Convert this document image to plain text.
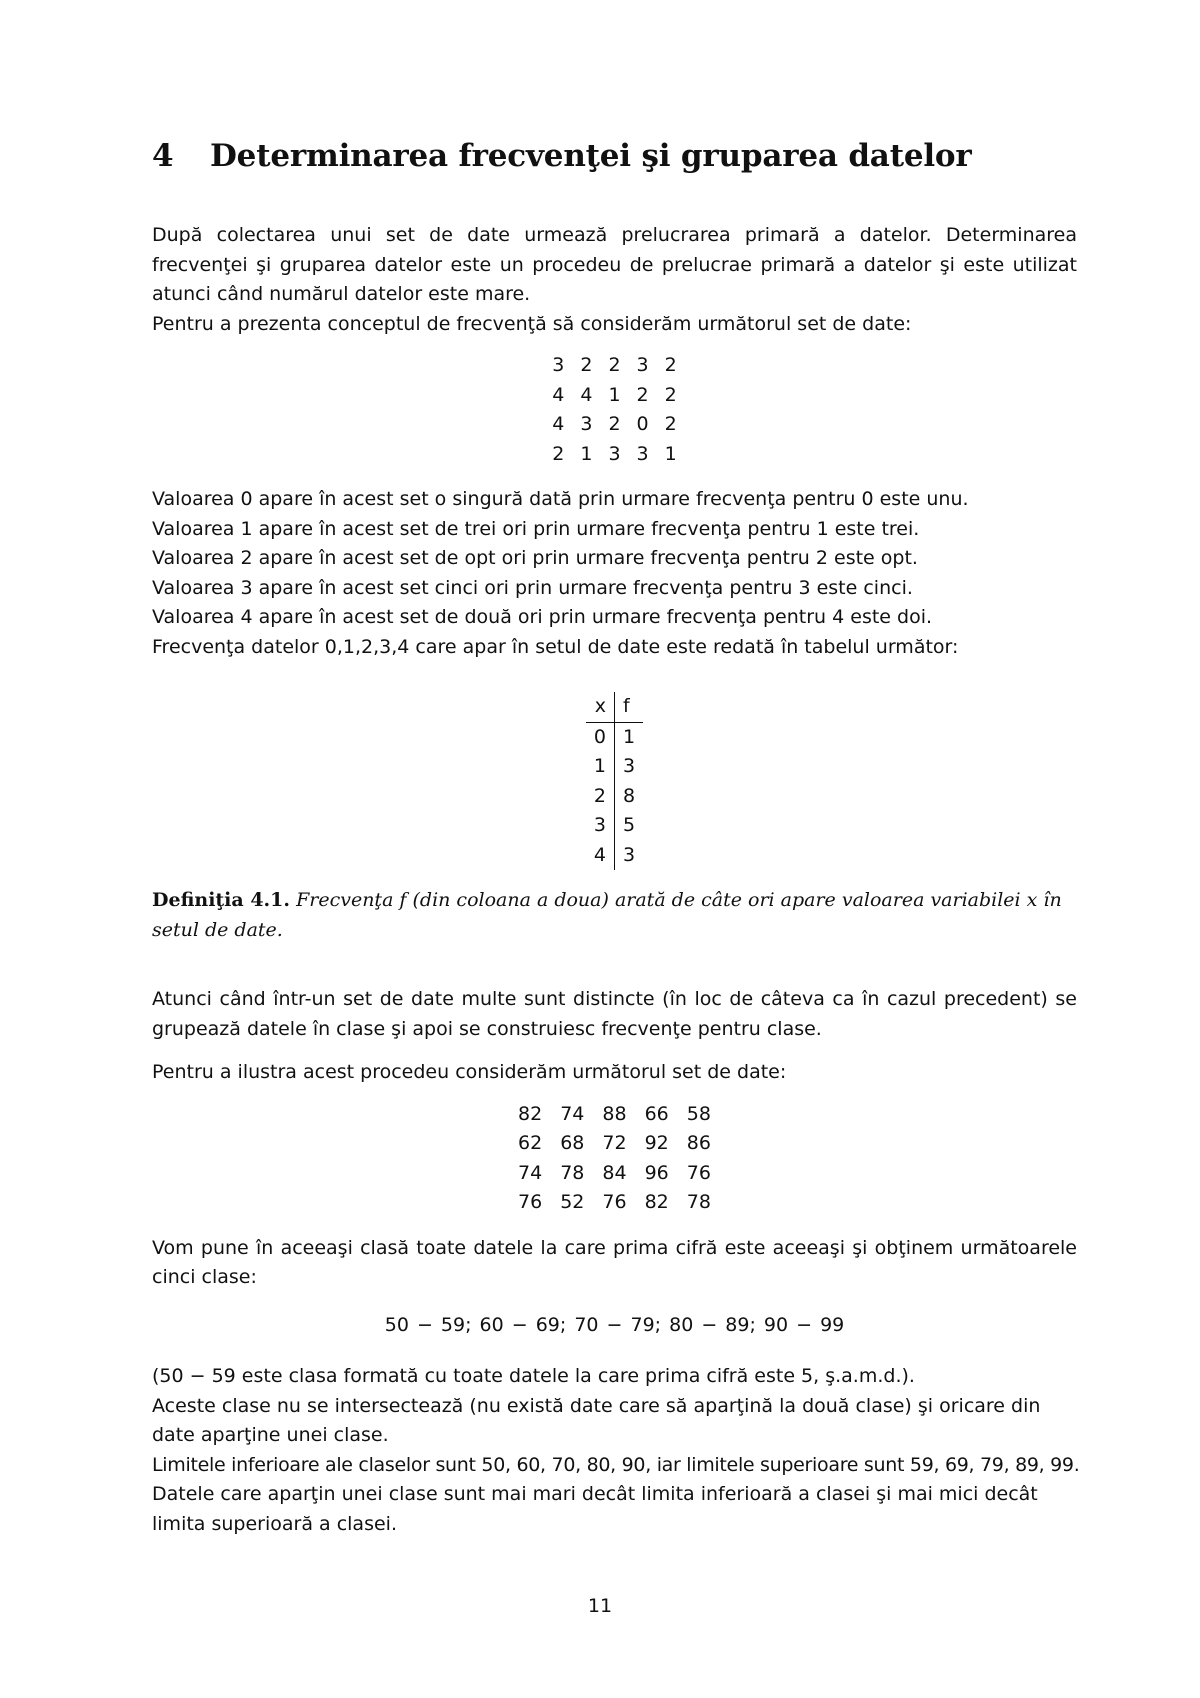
4 Determinarea frecvenţei şi gruparea datelor

După colectarea unui set de date urmează prelucrarea primară a datelor. Determinarea frecvenţei şi gruparea datelor este un procedeu de prelucrae primară a datelor şi este utilizat atunci când numărul datelor este mare.

Pentru a prezenta conceptul de frecvenţă să considerăm următorul set de date:

3	2	2	3	2
4	4	1	2	2
4	3	2	0	2
2	1	3	3	1

Valoarea 0 apare în acest set o singură dată prin urmare frecvenţa pentru 0 este unu.

Valoarea 1 apare în acest set de trei ori prin urmare frecvenţa pentru 1 este trei.

Valoarea 2 apare în acest set de opt ori prin urmare frecvenţa pentru 2 este opt.

Valoarea 3 apare în acest set cinci ori prin urmare frecvenţa pentru 3 este cinci.

Valoarea 4 apare în acest set de două ori prin urmare frecvenţa pentru 4 este doi.

Frecvenţa datelor 0,1,2,3,4 care apar în setul de date este redată în tabelul următor:

x	f
0	1
1	3
2	8
3	5
4	3

Definiţia 4.1. Frecvenţa f (din coloana a doua) arată de câte ori apare valoarea variabilei x în setul de date.

Atunci când într-un set de date multe sunt distincte (în loc de câteva ca în cazul precedent) se grupează datele în clase şi apoi se construiesc frecvenţe pentru clase.

Pentru a ilustra acest procedeu considerăm următorul set de date:

82	74	88	66	58
62	68	72	92	86
74	78	84	96	76
76	52	76	82	78

Vom pune în aceeaşi clasă toate datele la care prima cifră este aceeaşi şi obţinem următoarele cinci clase:

50 − 59; 60 − 69; 70 − 79; 80 − 89; 90 − 99

(50 − 59 este clasa formată cu toate datele la care prima cifră este 5, ş.a.m.d.).

Aceste clase nu se intersectează (nu există date care să aparţină la două clase) şi oricare din date aparţine unei clase.

Limitele inferioare ale claselor sunt 50, 60, 70, 80, 90, iar limitele superioare sunt 59, 69, 79, 89, 99.

Datele care aparţin unei clase sunt mai mari decât limita inferioară a clasei şi mai mici decât limita superioară a clasei.

11
